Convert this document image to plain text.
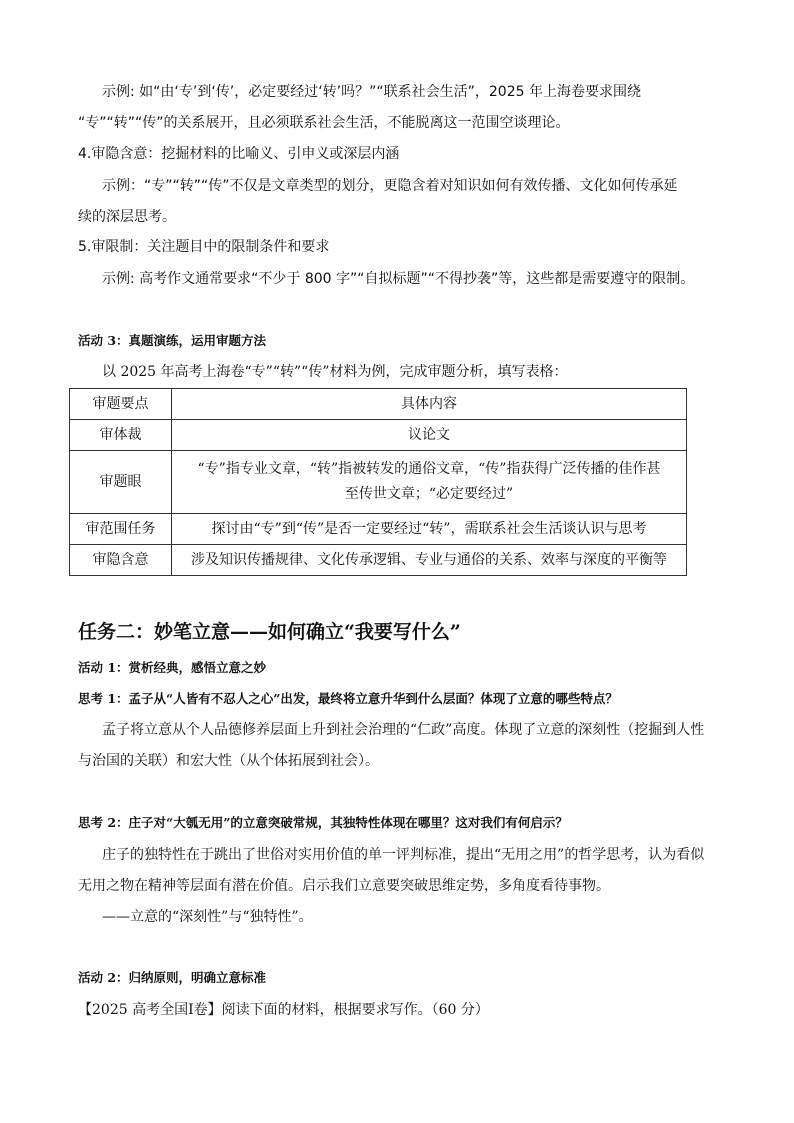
示例: 如“由‘专’到‘传’，必定要经过‘转’吗？”“联系社会生活”，2025 年上海卷要求围绕
“专”“转”“传”的关系展开，且必须联系社会生活，不能脱离这一范围空谈理论。
4.审隐含意：挖掘材料的比喻义、引申义或深层内涵
示例：“专”“转”“传”不仅是文章类型的划分，更隐含着对知识如何有效传播、文化如何传承延
续的深层思考。
5.审限制：关注题目中的限制条件和要求
示例: 高考作文通常要求“不少于 800 字”“自拟标题”“不得抄袭”等，这些都是需要遵守的限制。
活动 3：真题演练，运用审题方法
以 2025 年高考上海卷“专”“转”“传”材料为例，完成审题分析，填写表格：
审题要点	具体内容
审体裁	议论文
审题眼	“专”指专业文章，“转”指被转发的通俗文章，“传”指获得广泛传播的佳作甚
至传世文章；“必定要经过”

审范围任务	探讨由“专”到“传”是否一定要经过“转”，需联系社会生活谈认识与思考
审隐含意	涉及知识传播规律、文化传承逻辑、专业与通俗的关系、效率与深度的平衡等
任务二：妙笔立意——如何确立“我要写什么”
活动 1：赏析经典，感悟立意之妙
思考 1：孟子从“人皆有不忍人之心”出发，最终将立意升华到什么层面？体现了立意的哪些特点？
孟子将立意从个人品德修养层面上升到社会治理的“仁政”高度。体现了立意的深刻性（挖掘到人性
与治国的关联）和宏大性（从个体拓展到社会）。
思考 2：庄子对“大瓠无用”的立意突破常规，其独特性体现在哪里？这对我们有何启示？
庄子的独特性在于跳出了世俗对实用价值的单一评判标准，提出“无用之用”的哲学思考，认为看似
无用之物在精神等层面有潜在价值。启示我们立意要突破思维定势，多角度看待事物。
——立意的“深刻性”与“独特性”。
活动 2：归纳原则，明确立意标准
【2025 高考全国Ⅰ卷】阅读下面的材料，根据要求写作。（60 分）
